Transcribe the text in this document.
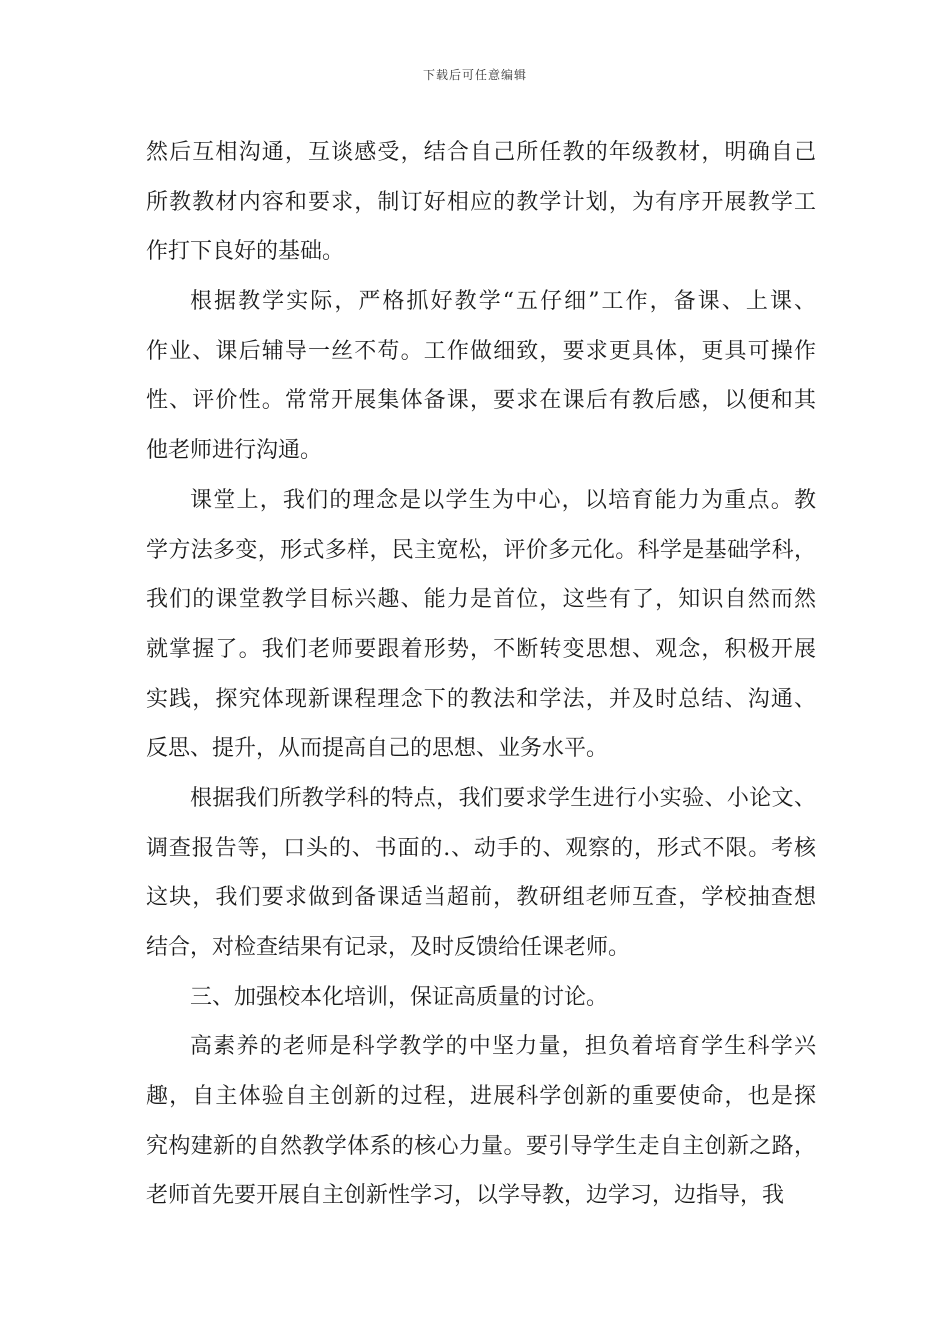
下载后可任意编辑
然后互相沟通，互谈感受，结合自己所任教的年级教材，明确自己
所教教材内容和要求，制订好相应的教学计划，为有序开展教学工
作打下良好的基础。
根据教学实际，严格抓好教学“五仔细”工作，备课、上课、
作业、课后辅导一丝不苟。工作做细致，要求更具体，更具可操作
性、评价性。常常开展集体备课，要求在课后有教后感，以便和其
他老师进行沟通。
课堂上，我们的理念是以学生为中心，以培育能力为重点。教
学方法多变，形式多样，民主宽松，评价多元化。科学是基础学科，
我们的课堂教学目标兴趣、能力是首位，这些有了，知识自然而然
就掌握了。我们老师要跟着形势，不断转变思想、观念，积极开展
实践，探究体现新课程理念下的教法和学法，并及时总结、沟通、
反思、提升，从而提高自己的思想、业务水平。
根据我们所教学科的特点，我们要求学生进行小实验、小论文、
调查报告等，口头的、书面的.、动手的、观察的，形式不限。考核
这块，我们要求做到备课适当超前，教研组老师互查，学校抽查想
结合，对检查结果有记录，及时反馈给任课老师。
三、加强校本化培训，保证高质量的讨论。
高素养的老师是科学教学的中坚力量，担负着培育学生科学兴
趣，自主体验自主创新的过程，进展科学创新的重要使命，也是探
究构建新的自然教学体系的核心力量。要引导学生走自主创新之路，
老师首先要开展自主创新性学习，以学导教，边学习，边指导，我
